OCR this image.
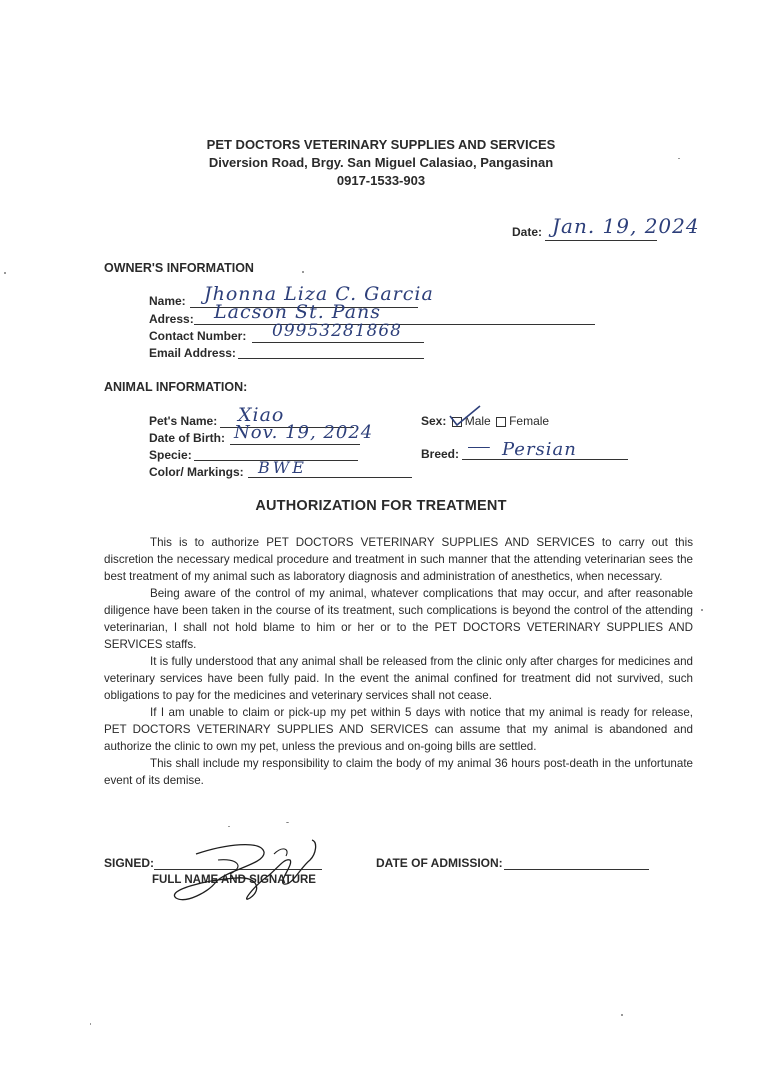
PET DOCTORS VETERINARY SUPPLIES AND SERVICES
Diversion Road, Brgy. San Miguel Calasiao, Pangasinan
0917-1533-903
Date: Jan. 19, 2024
OWNER'S INFORMATION
Name: Jhonna Liza C. Garcia
Adress: Lacson St. Pans
Contact Number: 09953281868
Email Address:
ANIMAL INFORMATION:
Pet's Name: Xiao
Date of Birth: Nov. 19, 2024
Specie:
Color/ Markings: BWE
Sex: Male Female
Breed: Persian

AUTHORIZATION FOR TREATMENT

This is to authorize PET DOCTORS VETERINARY SUPPLIES AND SERVICES to carry out this discretion the necessary medical procedure and treatment in such manner that the attending veterinarian sees the best treatment of my animal such as laboratory diagnosis and administration of anesthetics, when necessary.

Being aware of the control of my animal, whatever complications that may occur, and after reasonable diligence have been taken in the course of its treatment, such complications is beyond the control of the attending veterinarian, I shall not hold blame to him or her or to the PET DOCTORS VETERINARY SUPPLIES AND SERVICES staffs.

It is fully understood that any animal shall be released from the clinic only after charges for medicines and veterinary services have been fully paid. In the event the animal confined for treatment did not survived, such obligations to pay for the medicines and veterinary services shall not cease.

If I am unable to claim or pick-up my pet within 5 days with notice that my animal is ready for release, PET DOCTORS VETERINARY SUPPLIES AND SERVICES can assume that my animal is abandoned and authorize the clinic to own my pet, unless the previous and on-going bills are settled.

This shall include my responsibility to claim the body of my animal 36 hours post-death in the unfortunate event of its demise.

SIGNED:
FULL NAME AND SIGNATURE
DATE OF ADMISSION:
